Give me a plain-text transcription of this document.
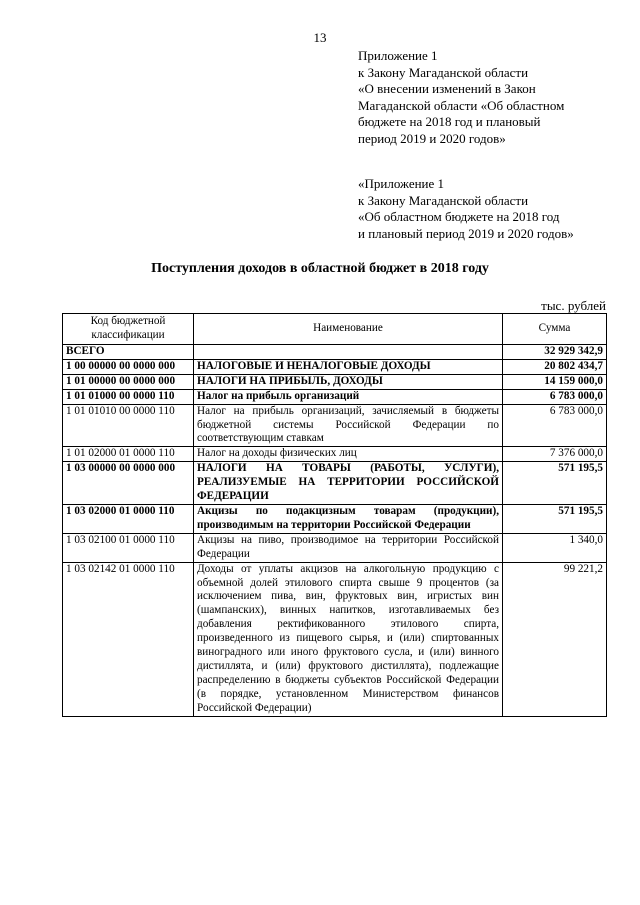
13
Приложение 1
к Закону Магаданской области
«О внесении изменений в Закон
Магаданской области «Об областном
бюджете на 2018 год и плановый
период 2019 и 2020 годов»
«Приложение 1
к Закону Магаданской области
«Об областном бюджете на 2018 год
и плановый период 2019 и 2020 годов»
Поступления доходов в областной бюджет в 2018 году
тыс. рублей
Код бюджетной классификации	Наименование	Сумма
ВСЕГО		32 929 342,9
1 00 00000 00 0000 000	НАЛОГОВЫЕ И НЕНАЛОГОВЫЕ ДОХОДЫ	20 802 434,7
1 01 00000 00 0000 000	НАЛОГИ НА ПРИБЫЛЬ, ДОХОДЫ	14 159 000,0
1 01 01000 00 0000 110	Налог на прибыль организаций	6 783 000,0
1 01 01010 00 0000 110	Налог на прибыль организаций, зачисляемый в бюджеты бюджетной системы Российской Федерации по соответствующим ставкам	6 783 000,0
1 01 02000 01 0000 110	Налог на доходы физических лиц	7 376 000,0
1 03 00000 00 0000 000	НАЛОГИ НА ТОВАРЫ (РАБОТЫ, УСЛУГИ), РЕАЛИЗУЕМЫЕ НА ТЕРРИТОРИИ РОССИЙСКОЙ ФЕДЕРАЦИИ	571 195,5
1 03 02000 01 0000 110	Акцизы по подакцизным товарам (продукции), производимым на территории Российской Федерации	571 195,5
1 03 02100 01 0000 110	Акцизы на пиво, производимое на территории Российской Федерации	1 340,0
1 03 02142 01 0000 110	Доходы от уплаты акцизов на алкогольную продукцию с объемной долей этилового спирта свыше 9 процентов (за исключением пива, вин, фруктовых вин, игристых вин (шампанских), винных напитков, изготавливаемых без добавления ректификованного этилового спирта, произведенного из пищевого сырья, и (или) спиртованных виноградного или иного фруктового сусла, и (или) винного дистиллята, и (или) фруктового дистиллята), подлежащие распределению в бюджеты субъектов Российской Федерации (в порядке, установленном Министерством финансов Российской Федерации)	99 221,2
